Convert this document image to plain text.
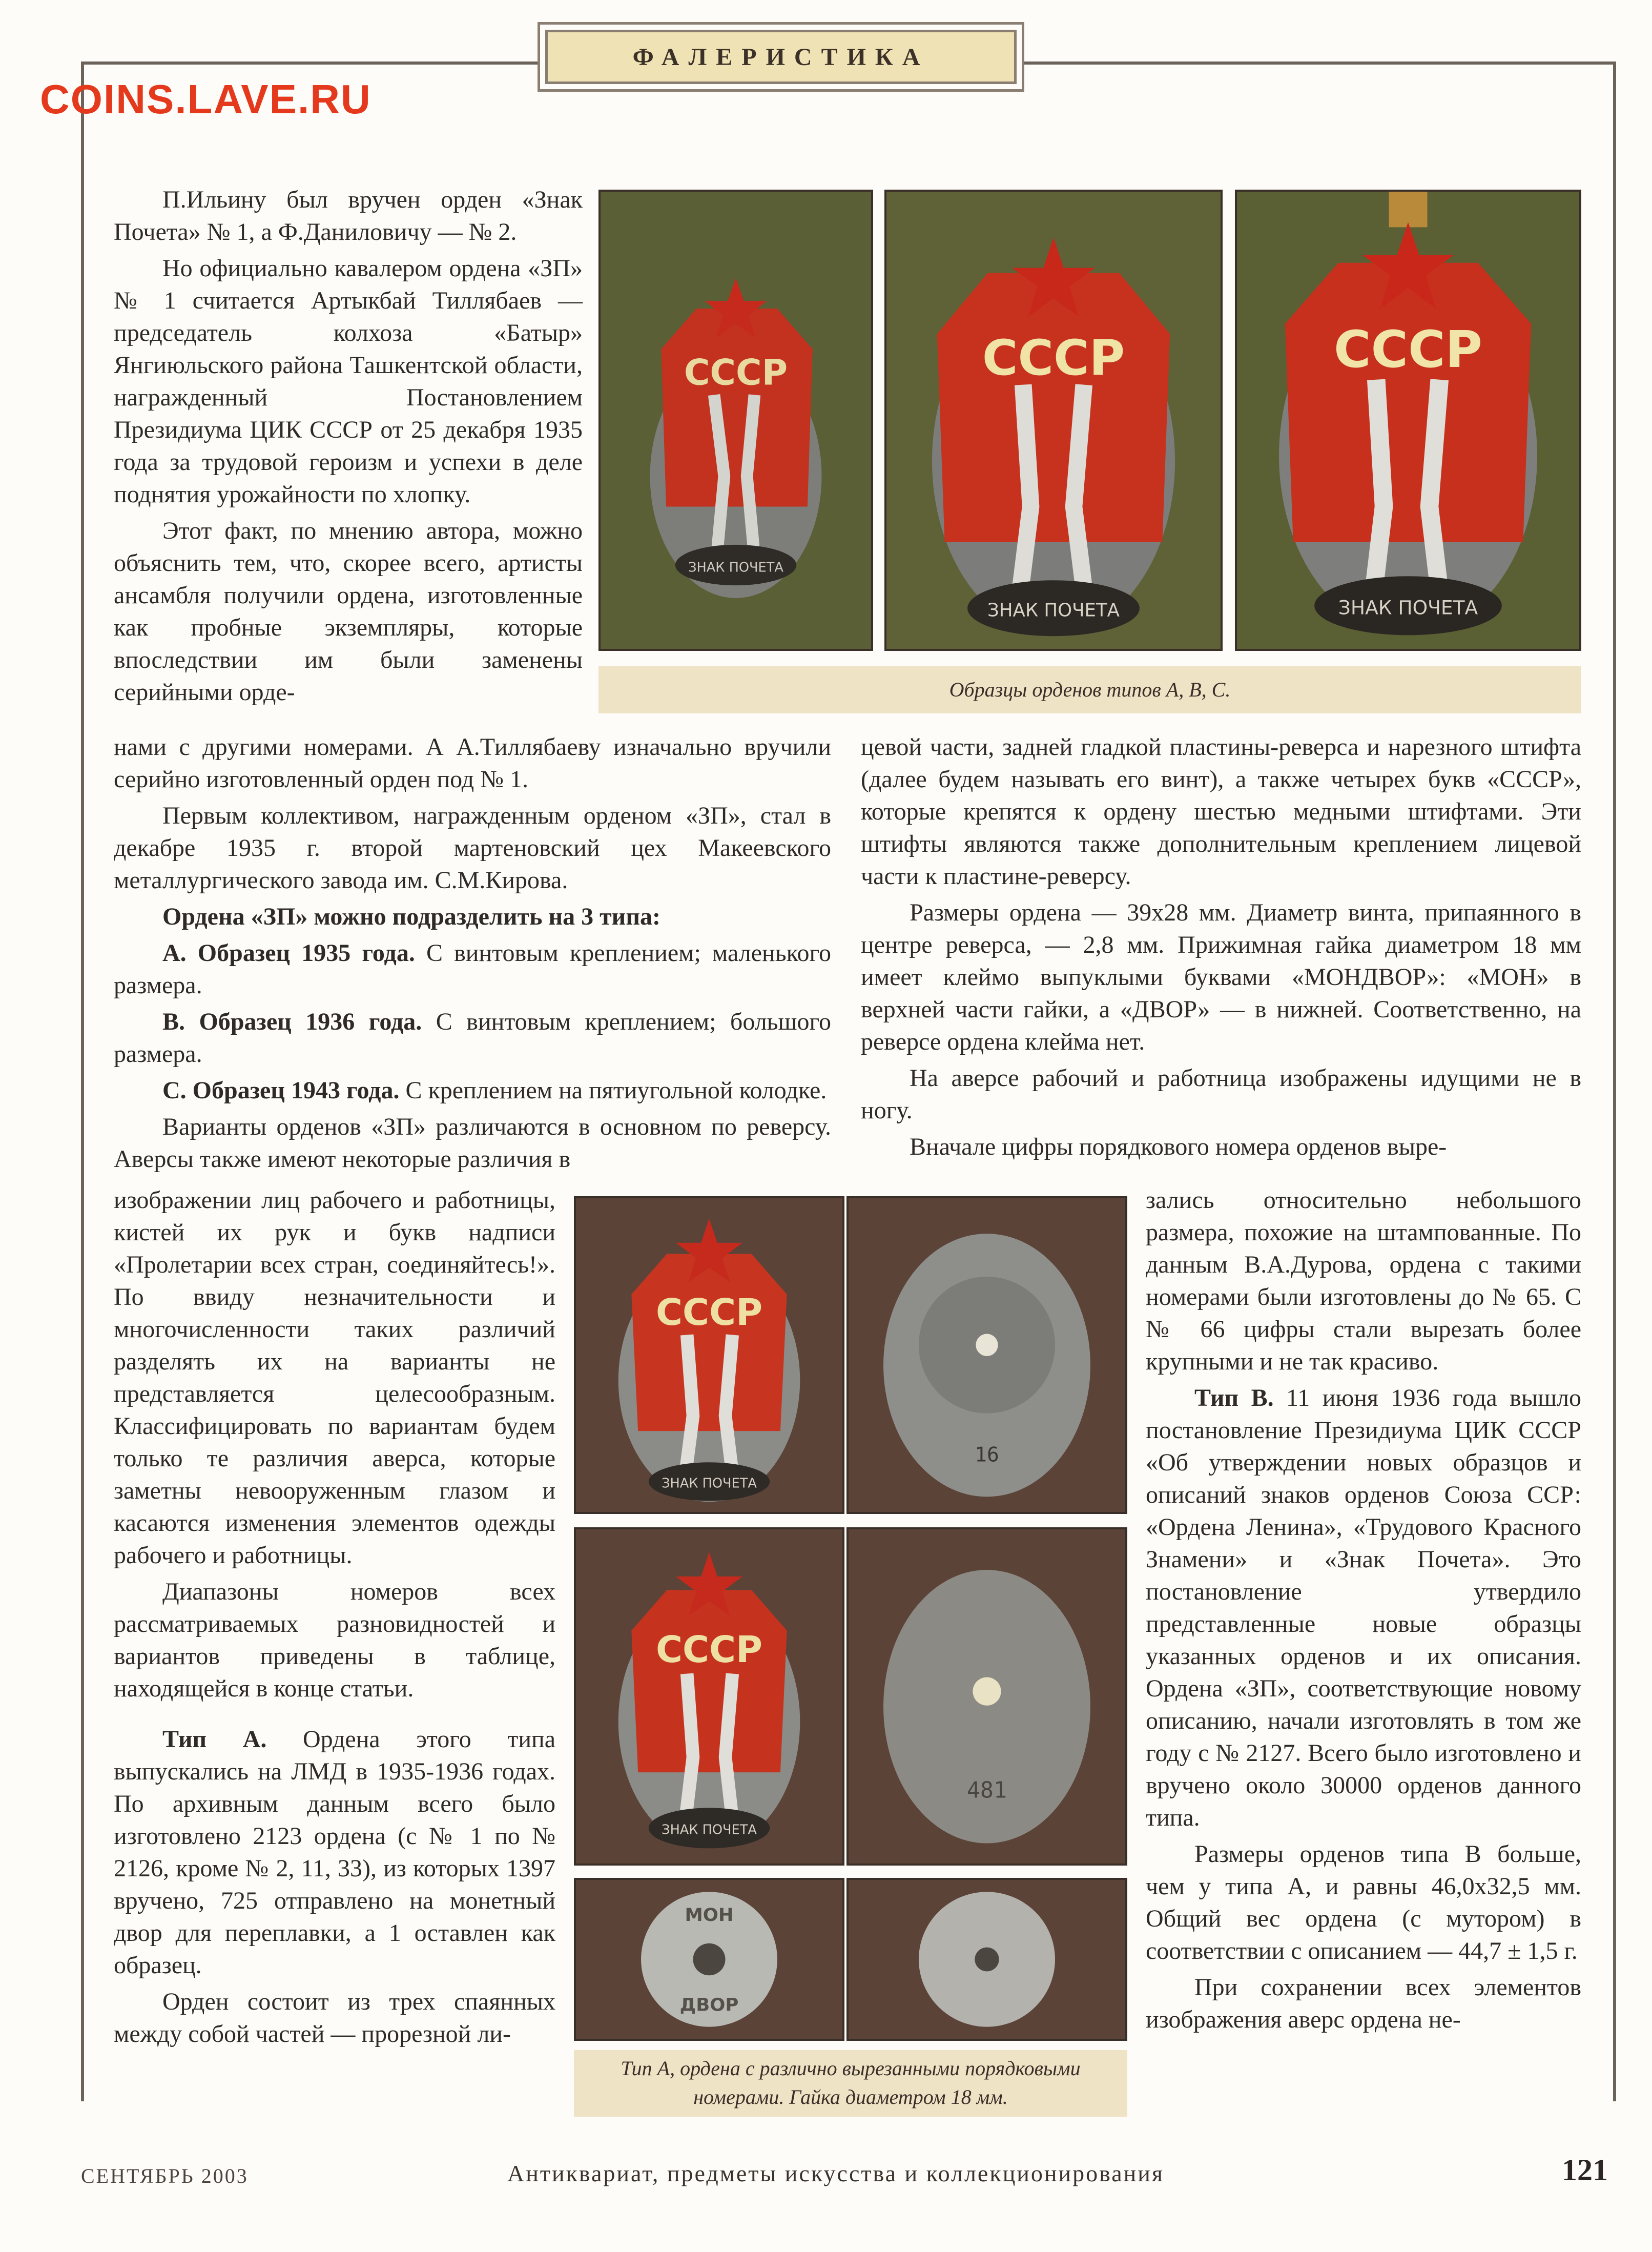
ФАЛЕРИСТИКА
COINS.LAVE.RU

П.Ильину был вручен орден «Знак Почета» № 1, а Ф.Даниловичу — № 2.

Но официально кавалером ордена «ЗП» № 1 считается Артыкбай Тиллябаев — председатель колхоза «Батыр» Янгиюльского района Ташкентской области, награжденный Постановлением Президиума ЦИК СССР от 25 декабря 1935 года за трудовой героизм и успехи в деле поднятия урожайности по хлопку.

Этот факт, по мнению автора, можно объяснить тем, что, скорее всего, артисты ансамбля получили ордена, изготовленные как пробные экземпляры, которые впоследствии им были заменены серийными орде-

СССР
ЗНАК ПОЧЕТА
СССР
ЗНАК ПОЧЕТА
СССР
ЗНАК ПОЧЕТА
Образцы орденов типов А, В, С.

нами с другими номерами. А А.Тиллябаеву изначально вручили серийно изготовленный орден под № 1.

Первым коллективом, награжденным орденом «ЗП», стал в декабре 1935 г. второй мартеновский цех Макеевского металлургического завода им. С.М.Кирова.

Ордена «ЗП» можно подразделить на 3 типа:

А. Образец 1935 года. С винтовым креплением; маленького размера.

В. Образец 1936 года. С винтовым креплением; большого размера.

С. Образец 1943 года. С креплением на пятиугольной колодке.

Варианты орденов «ЗП» различаются в основном по реверсу. Аверсы также имеют некоторые различия в

изображении лиц рабочего и работницы, кистей их рук и букв надписи «Пролетарии всех стран, соединяйтесь!». По ввиду незначительности и многочисленности таких различий разделять их на варианты не представляется целесообразным. Классифицировать по вариантам будем только те различия аверса, которые заметны невооруженным глазом и касаются изменения элементов одежды рабочего и работницы.

Диапазоны номеров всех рассматриваемых разновидностей и вариантов приведены в таблице, находящейся в конце статьи.

Тип А. Ордена этого типа выпускались на ЛМД в 1935-1936 годах. По архивным данным всего было изготовлено 2123 ордена (с № 1 по № 2126, кроме № 2, 11, 33), из которых 1397 вручено, 725 отправлено на монетный двор для переплавки, а 1 оставлен как образец.

Орден состоит из трех спаянных между собой частей — прорезной ли-

цевой части, задней гладкой пластины-реверса и нарезного штифта (далее будем называть его винт), а также четырех букв «СССР», которые крепятся к ордену шестью медными штифтами. Эти штифты являются также дополнительным креплением лицевой части к пластине-реверсу.

Размеры ордена — 39х28 мм. Диаметр винта, припаянного в центре реверса, — 2,8 мм. Прижимная гайка диаметром 18 мм имеет клеймо выпуклыми буквами «МОНДВОР»: «МОН» в верхней части гайки, а «ДВОР» — в нижней. Соответственно, на реверсе ордена клейма нет.

На аверсе рабочий и работница изображены идущими не в ногу.

Вначале цифры порядкового номера орденов выре-

зались относительно небольшого размера, похожие на штампованные. По данным В.А.Дурова, ордена с такими номерами были изготовлены до № 65. С № 66 цифры стали вырезать более крупными и не так красиво.

Тип В. 11 июня 1936 года вышло постановление Президиума ЦИК СССР «Об утверждении новых образцов и описаний знаков орденов Союза ССР: «Ордена Ленина», «Трудового Красного Знамени» и «Знак Почета». Это постановление утвердило представленные новые образцы указанных орденов и их описания. Ордена «ЗП», соответствующие новому описанию, начали изготовлять в том же году с № 2127. Всего было изготовлено и вручено около 30000 орденов данного типа.

Размеры орденов типа В больше, чем у типа А, и равны 46,0х32,5 мм. Общий вес ордена (с мутором) в соответствии с описанием — 44,7 ± 1,5 г.

При сохранении всех элементов изображения аверс ордена не-

СССР
ЗНАК ПОЧЕТА
16
СССР
ЗНАК ПОЧЕТА
481
МОН
ДВОР
Тип А, ордена с различно вырезанными порядковыми номерами. Гайка диаметром 18 мм.
СЕНТЯБРЬ 2003	Антиквариат, предметы искусства и коллекционирования	121
